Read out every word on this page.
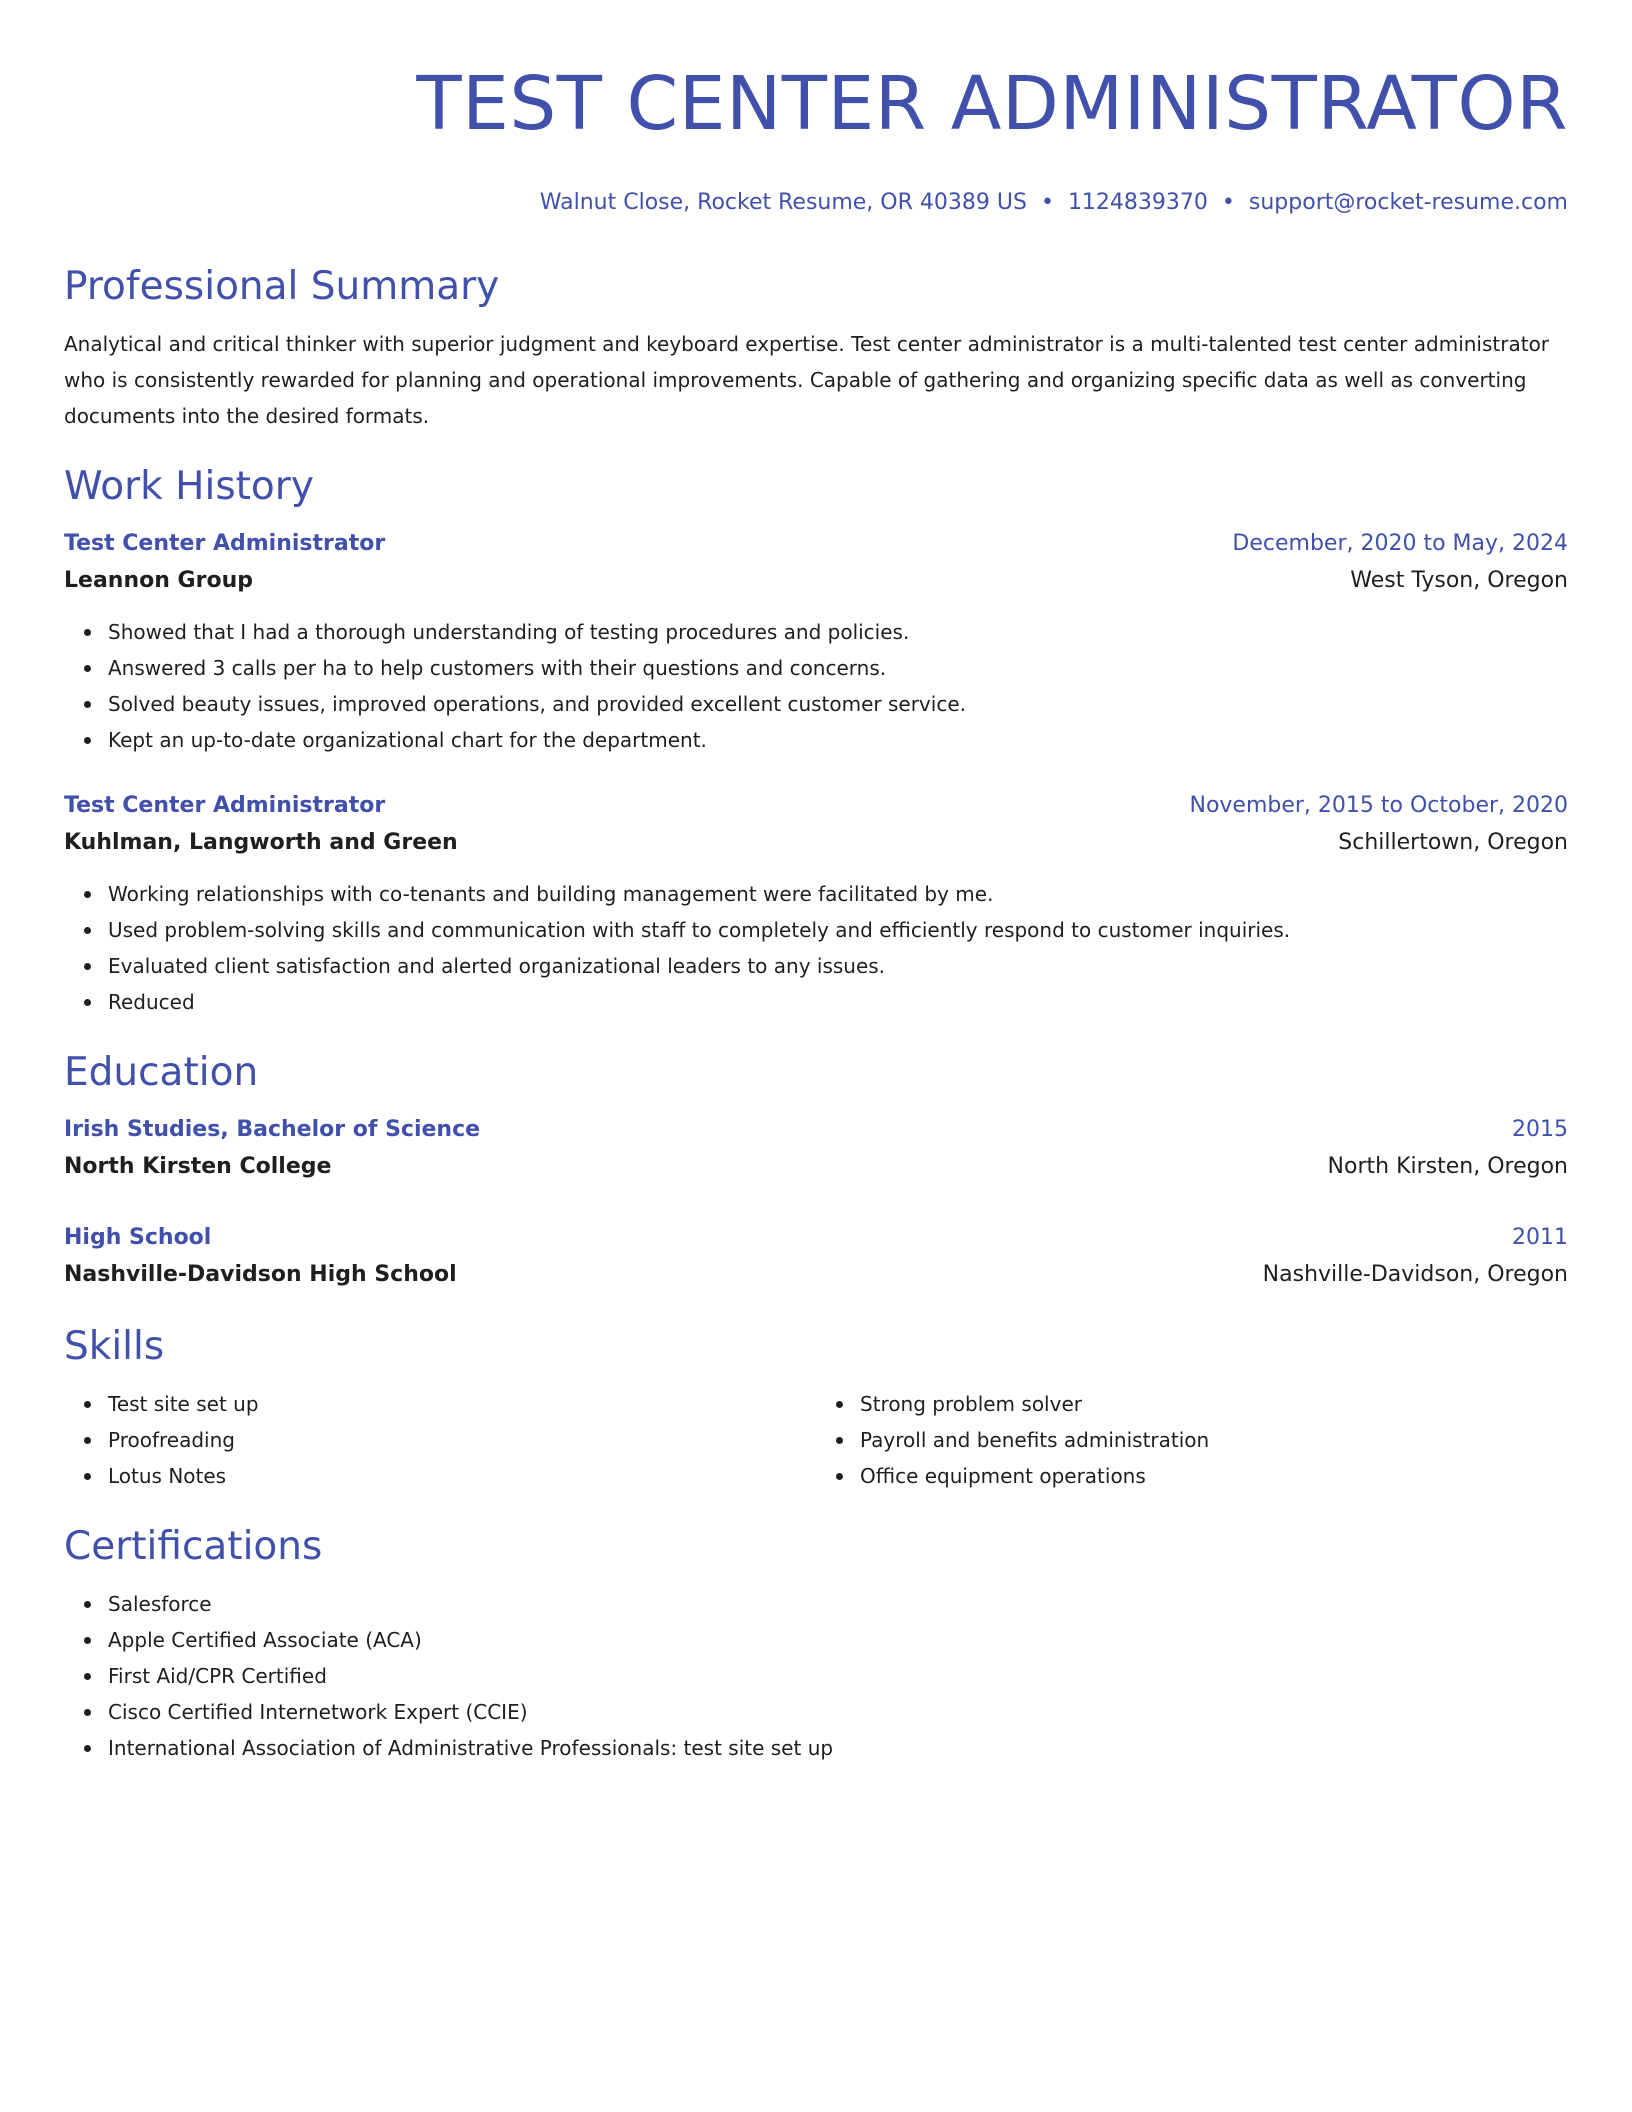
TEST CENTER ADMINISTRATOR
Walnut Close, Rocket Resume, OR 40389 US • 1124839370 • support@rocket-resume.com
Professional Summary
Analytical and critical thinker with superior judgment and keyboard expertise. Test center administrator is a multi-talented test center administrator who is consistently rewarded for planning and operational improvements. Capable of gathering and organizing specific data as well as converting documents into the desired formats.
Work History
Test Center Administrator	December, 2020 to May, 2024
Leannon Group	West Tyson, Oregon
Showed that I had a thorough understanding of testing procedures and policies.
Answered 3 calls per ha to help customers with their questions and concerns.
Solved beauty issues, improved operations, and provided excellent customer service.
Kept an up-to-date organizational chart for the department.
Test Center Administrator	November, 2015 to October, 2020
Kuhlman, Langworth and Green	Schillertown, Oregon
Working relationships with co-tenants and building management were facilitated by me.
Used problem-solving skills and communication with staff to completely and efficiently respond to customer inquiries.
Evaluated client satisfaction and alerted organizational leaders to any issues.
Reduced
Education
Irish Studies, Bachelor of Science	2015
North Kirsten College	North Kirsten, Oregon
High School	2011
Nashville-Davidson High School	Nashville-Davidson, Oregon
Skills
Test site set up
Proofreading
Lotus Notes
Strong problem solver
Payroll and benefits administration
Office equipment operations
Certifications
Salesforce
Apple Certified Associate (ACA)
First Aid/CPR Certified
Cisco Certified Internetwork Expert (CCIE)
International Association of Administrative Professionals: test site set up
